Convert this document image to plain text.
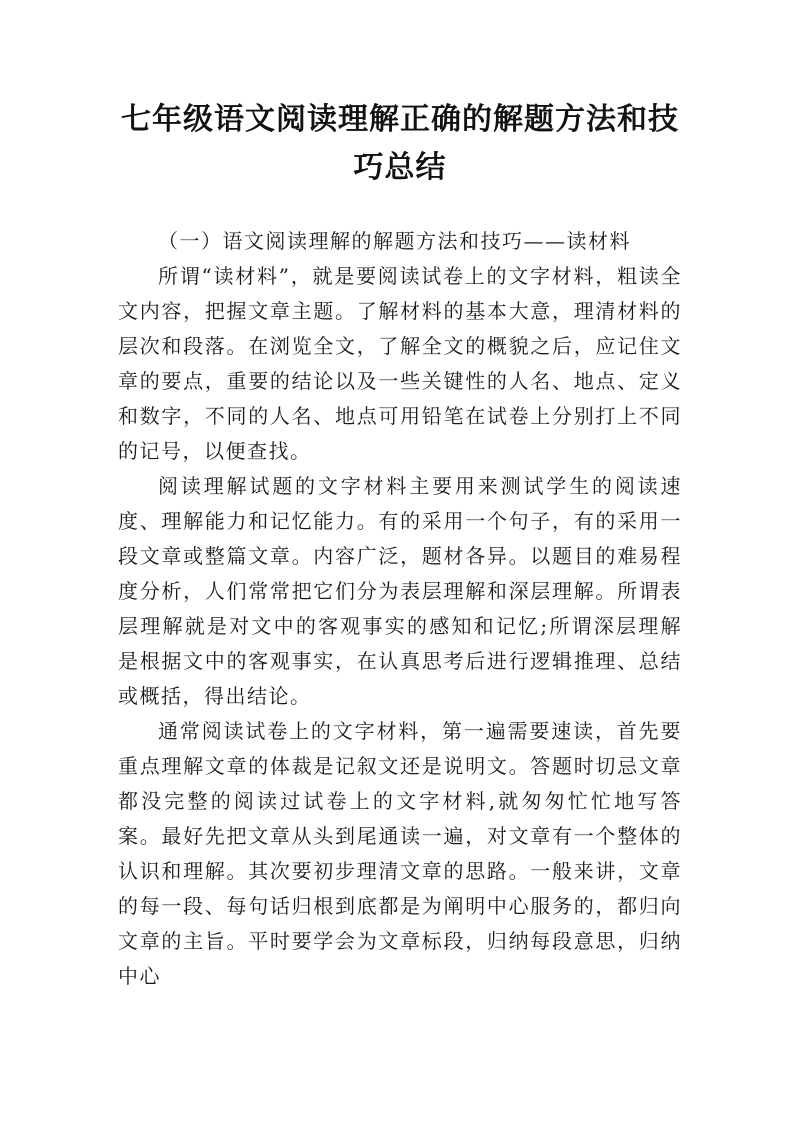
七年级语文阅读理解正确的解题方法和技巧总结

（一）语文阅读理解的解题方法和技巧——读材料

所谓“读材料”，就是要阅读试卷上的文字材料，粗读全文内容，把握文章主题。了解材料的基本大意，理清材料的层次和段落。在浏览全文，了解全文的概貌之后，应记住文章的要点，重要的结论以及一些关键性的人名、地点、定义和数字，不同的人名、地点可用铅笔在试卷上分别打上不同的记号，以便查找。

阅读理解试题的文字材料主要用来测试学生的阅读速度、理解能力和记忆能力。有的采用一个句子，有的采用一段文章或整篇文章。内容广泛，题材各异。以题目的难易程度分析，人们常常把它们分为表层理解和深层理解。所谓表层理解就是对文中的客观事实的感知和记忆;所谓深层理解是根据文中的客观事实，在认真思考后进行逻辑推理、总结或概括，得出结论。

通常阅读试卷上的文字材料，第一遍需要速读，首先要重点理解文章的体裁是记叙文还是说明文。答题时切忌文章都没完整的阅读过试卷上的文字材料,就匆匆忙忙地写答案。最好先把文章从头到尾通读一遍，对文章有一个整体的认识和理解。其次要初步理清文章的思路。一般来讲，文章的每一段、每句话归根到底都是为阐明中心服务的，都归向文章的主旨。平时要学会为文章标段，归纳每段意思，归纳中心
